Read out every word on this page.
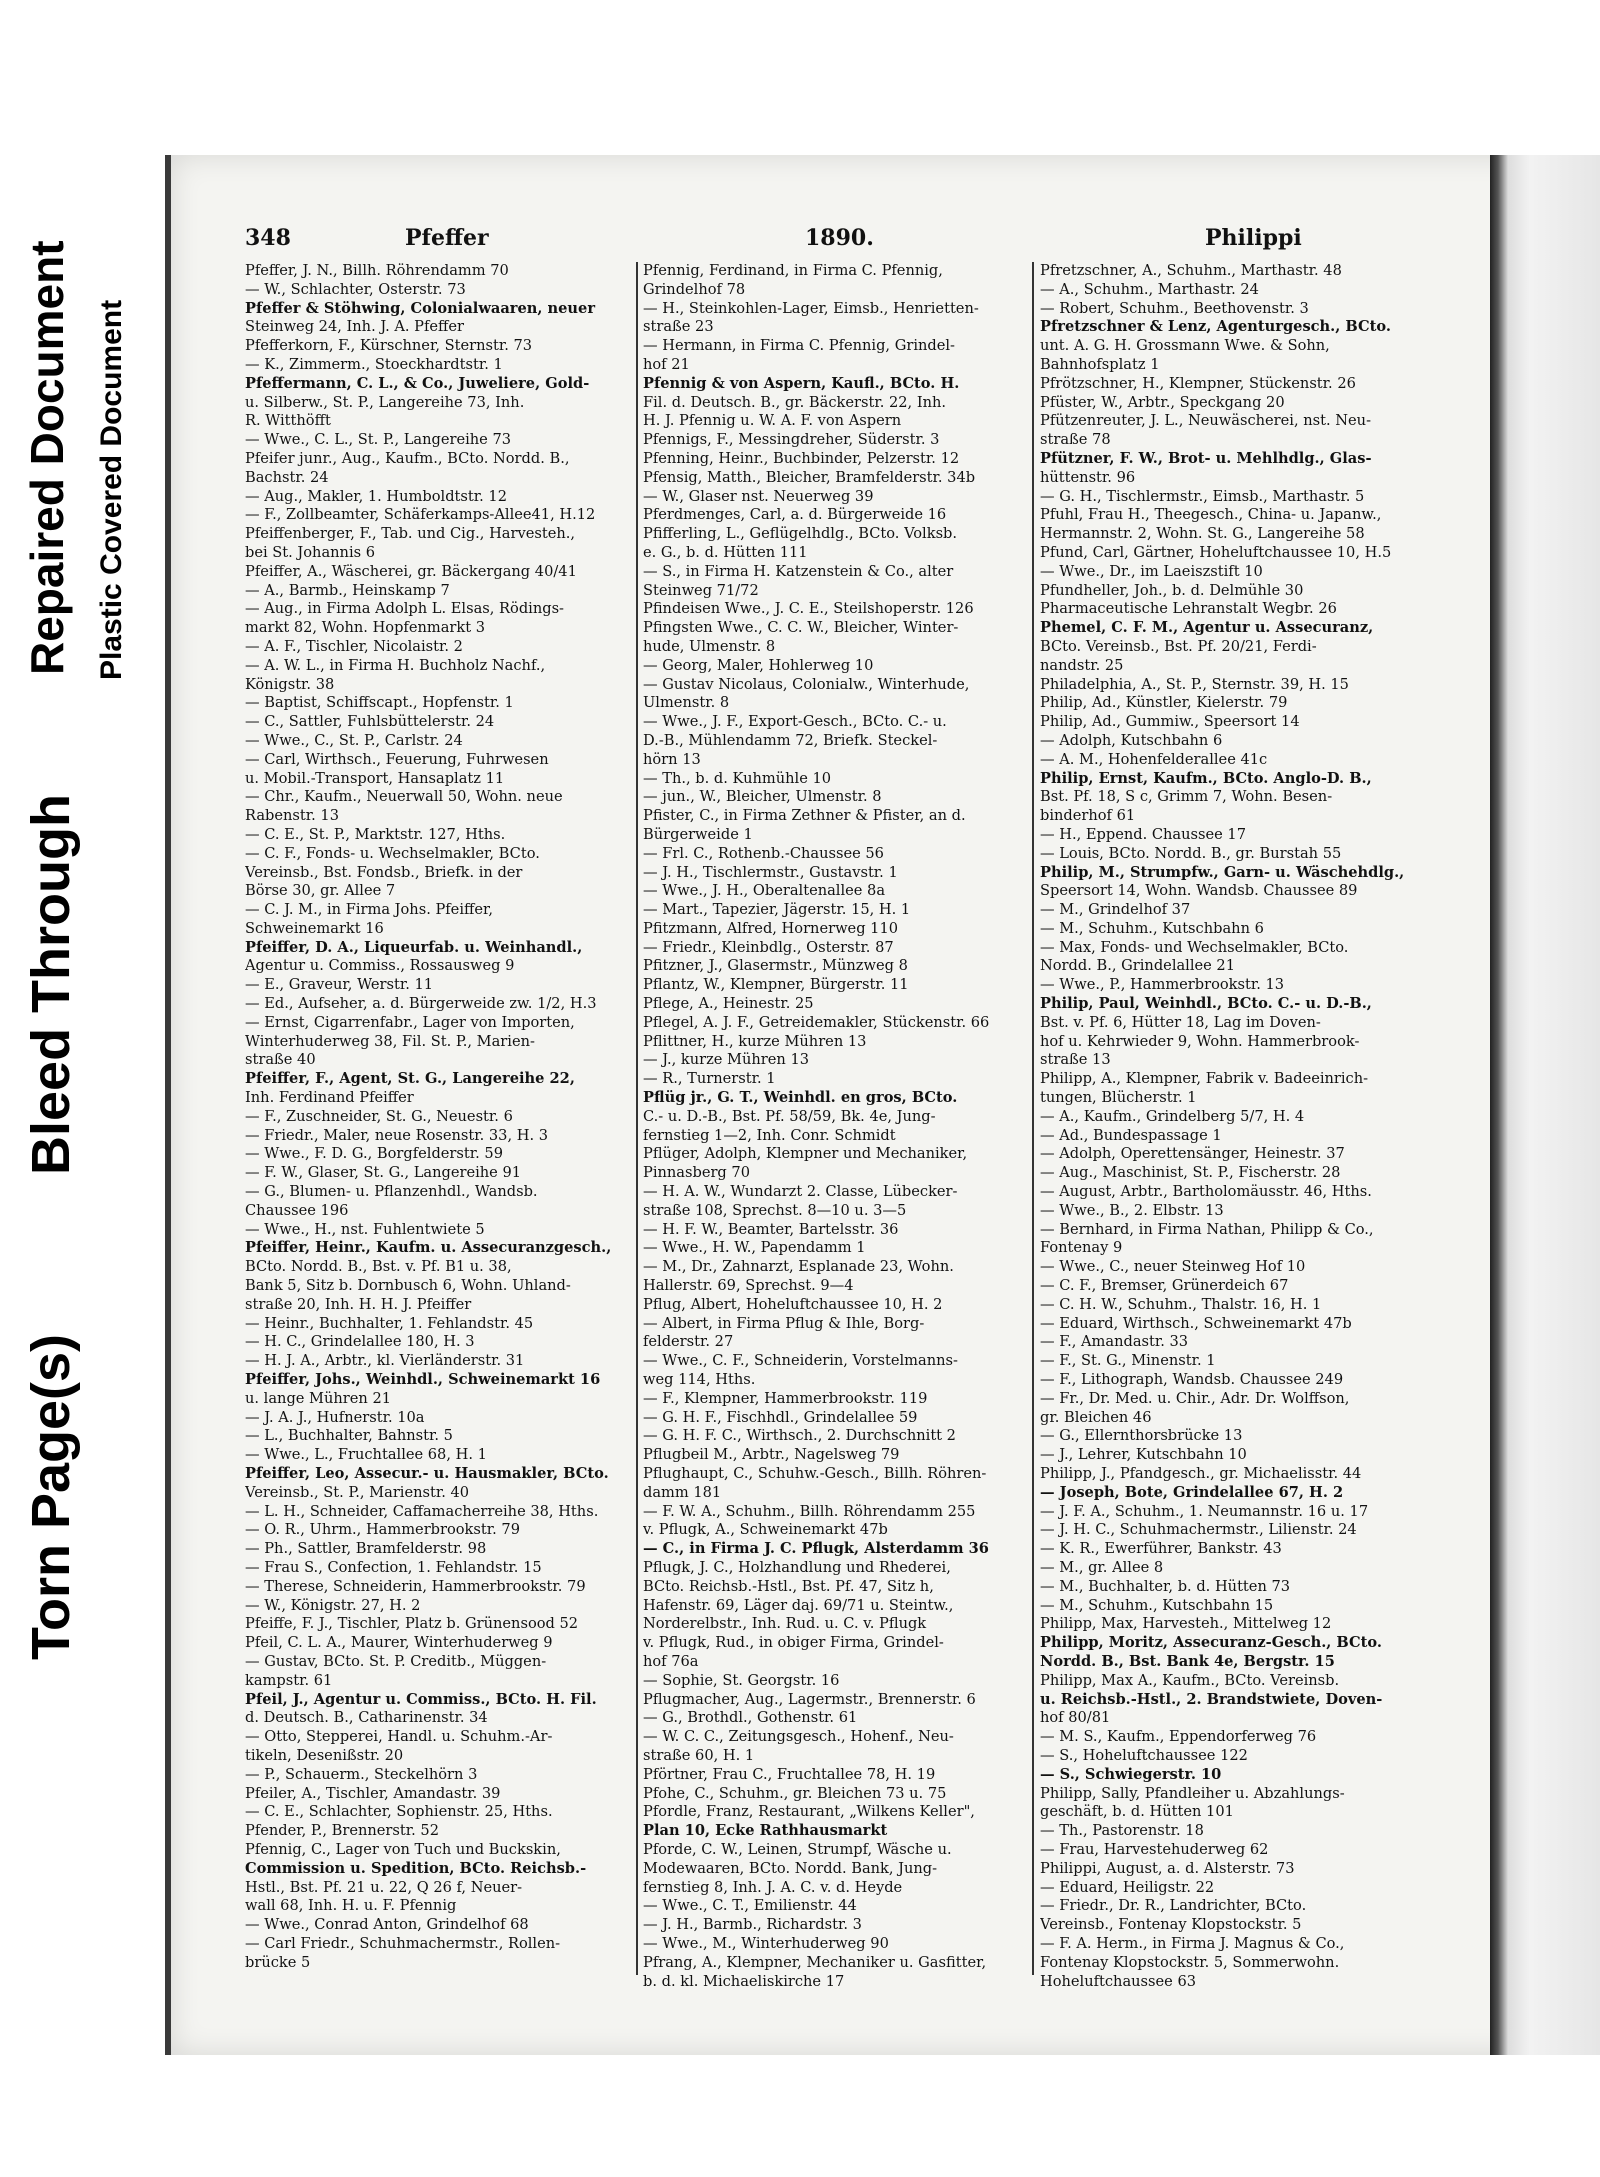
Torn Page(s)
Bleed Through
Repaired Document Plastic Covered Document
348	Pfeffer	1890.	Philippi
Pfeffer, J. N., Billh. Röhrendamm 70
— W., Schlachter, Osterstr. 73
Pfeffer & Stöhwing, Colonialwaaren, neuer
Steinweg 24, Inh. J. A. Pfeffer
Pfefferkorn, F., Kürschner, Sternstr. 73
— K., Zimmerm., Stoeckhardtstr. 1
Pfeffermann, C. L., & Co., Juweliere, Gold-
u. Silberw., St. P., Langereihe 73, Inh.
R. Witthöfft
— Wwe., C. L., St. P., Langereihe 73
Pfeifer junr., Aug., Kaufm., BCto. Nordd. B.,
Bachstr. 24
— Aug., Makler, 1. Humboldtstr. 12
— F., Zollbeamter, Schäferkamps-Allee41, H.12
Pfeiffenberger, F., Tab. und Cig., Harvesteh.,
bei St. Johannis 6
Pfeiffer, A., Wäscherei, gr. Bäckergang 40/41
— A., Barmb., Heinskamp 7
— Aug., in Firma Adolph L. Elsas, Rödings-
markt 82, Wohn. Hopfenmarkt 3
— A. F., Tischler, Nicolaistr. 2
— A. W. L., in Firma H. Buchholz Nachf.,
Königstr. 38
— Baptist, Schiffscapt., Hopfenstr. 1
— C., Sattler, Fuhlsbüttelerstr. 24
— Wwe., C., St. P., Carlstr. 24
— Carl, Wirthsch., Feuerung, Fuhrwesen
u. Mobil.-Transport, Hansaplatz 11
— Chr., Kaufm., Neuerwall 50, Wohn. neue
Rabenstr. 13
— C. E., St. P., Marktstr. 127, Hths.
— C. F., Fonds- u. Wechselmakler, BCto.
Vereinsb., Bst. Fondsb., Briefk. in der
Börse 30, gr. Allee 7
— C. J. M., in Firma Johs. Pfeiffer,
Schweinemarkt 16
Pfeiffer, D. A., Liqueurfab. u. Weinhandl.,
Agentur u. Commiss., Rossausweg 9
— E., Graveur, Werstr. 11
— Ed., Aufseher, a. d. Bürgerweide zw. 1/2, H.3
— Ernst, Cigarrenfabr., Lager von Importen,
Winterhuderweg 38, Fil. St. P., Marien-
straße 40
Pfeiffer, F., Agent, St. G., Langereihe 22,
Inh. Ferdinand Pfeiffer
— F., Zuschneider, St. G., Neuestr. 6
— Friedr., Maler, neue Rosenstr. 33, H. 3
— Wwe., F. D. G., Borgfelderstr. 59
— F. W., Glaser, St. G., Langereihe 91
— G., Blumen- u. Pflanzenhdl., Wandsb.
Chaussee 196
— Wwe., H., nst. Fuhlentwiete 5
Pfeiffer, Heinr., Kaufm. u. Assecuranzgesch.,
BCto. Nordd. B., Bst. v. Pf. B1 u. 38,
Bank 5, Sitz b. Dornbusch 6, Wohn. Uhland-
straße 20, Inh. H. H. J. Pfeiffer
— Heinr., Buchhalter, 1. Fehlandstr. 45
— H. C., Grindelallee 180, H. 3
— H. J. A., Arbtr., kl. Vierländerstr. 31
Pfeiffer, Johs., Weinhdl., Schweinemarkt 16
u. lange Mühren 21
— J. A. J., Hufnerstr. 10a
— L., Buchhalter, Bahnstr. 5
— Wwe., L., Fruchtallee 68, H. 1
Pfeiffer, Leo, Assecur.- u. Hausmakler, BCto.
Vereinsb., St. P., Marienstr. 40
— L. H., Schneider, Caffamacherreihe 38, Hths.
— O. R., Uhrm., Hammerbrookstr. 79
— Ph., Sattler, Bramfelderstr. 98
— Frau S., Confection, 1. Fehlandstr. 15
— Therese, Schneiderin, Hammerbrookstr. 79
— W., Königstr. 27, H. 2
Pfeiffe, F. J., Tischler, Platz b. Grünensood 52
Pfeil, C. L. A., Maurer, Winterhuderweg 9
— Gustav, BCto. St. P. Creditb., Müggen-
kampstr. 61
Pfeil, J., Agentur u. Commiss., BCto. H. Fil.
d. Deutsch. B., Catharinenstr. 34
— Otto, Stepperei, Handl. u. Schuhm.-Ar-
tikeln, Desenißstr. 20
— P., Schauerm., Steckelhörn 3
Pfeiler, A., Tischler, Amandastr. 39
— C. E., Schlachter, Sophienstr. 25, Hths.
Pfender, P., Brennerstr. 52
Pfennig, C., Lager von Tuch und Buckskin,
Commission u. Spedition, BCto. Reichsb.-
Hstl., Bst. Pf. 21 u. 22, Q 26 f, Neuer-
wall 68, Inh. H. u. F. Pfennig
— Wwe., Conrad Anton, Grindelhof 68
— Carl Friedr., Schuhmachermstr., Rollen-
brücke 5
Pfennig, Ferdinand, in Firma C. Pfennig,
Grindelhof 78
— H., Steinkohlen-Lager, Eimsb., Henrietten-
straße 23
— Hermann, in Firma C. Pfennig, Grindel-
hof 21
Pfennig & von Aspern, Kaufl., BCto. H.
Fil. d. Deutsch. B., gr. Bäckerstr. 22, Inh.
H. J. Pfennig u. W. A. F. von Aspern
Pfennigs, F., Messingdreher, Süderstr. 3
Pfenning, Heinr., Buchbinder, Pelzerstr. 12
Pfensig, Matth., Bleicher, Bramfelderstr. 34b
— W., Glaser nst. Neuerweg 39
Pferdmenges, Carl, a. d. Bürgerweide 16
Pfifferling, L., Geflügelhdlg., BCto. Volksb.
e. G., b. d. Hütten 111
— S., in Firma H. Katzenstein & Co., alter
Steinweg 71/72
Pfindeisen Wwe., J. C. E., Steilshoperstr. 126
Pfingsten Wwe., C. C. W., Bleicher, Winter-
hude, Ulmenstr. 8
— Georg, Maler, Hohlerweg 10
— Gustav Nicolaus, Colonialw., Winterhude,
Ulmenstr. 8
— Wwe., J. F., Export-Gesch., BCto. C.- u.
D.-B., Mühlendamm 72, Briefk. Steckel-
hörn 13
— Th., b. d. Kuhmühle 10
— jun., W., Bleicher, Ulmenstr. 8
Pfister, C., in Firma Zethner & Pfister, an d.
Bürgerweide 1
— Frl. C., Rothenb.-Chaussee 56
— J. H., Tischlermstr., Gustavstr. 1
— Wwe., J. H., Oberaltenallee 8a
— Mart., Tapezier, Jägerstr. 15, H. 1
Pfitzmann, Alfred, Hornerweg 110
— Friedr., Kleinbdlg., Osterstr. 87
Pfitzner, J., Glasermstr., Münzweg 8
Pflantz, W., Klempner, Bürgerstr. 11
Pflege, A., Heinestr. 25
Pflegel, A. J. F., Getreidemakler, Stückenstr. 66
Pflittner, H., kurze Mühren 13
— J., kurze Mühren 13
— R., Turnerstr. 1
Pflüg jr., G. T., Weinhdl. en gros, BCto.
C.- u. D.-B., Bst. Pf. 58/59, Bk. 4e, Jung-
fernstieg 1—2, Inh. Conr. Schmidt
Pflüger, Adolph, Klempner und Mechaniker,
Pinnasberg 70
— H. A. W., Wundarzt 2. Classe, Lübecker-
straße 108, Sprechst. 8—10 u. 3—5
— H. F. W., Beamter, Bartelsstr. 36
— Wwe., H. W., Papendamm 1
— M., Dr., Zahnarzt, Esplanade 23, Wohn.
Hallerstr. 69, Sprechst. 9—4
Pflug, Albert, Hoheluftchaussee 10, H. 2
— Albert, in Firma Pflug & Ihle, Borg-
felderstr. 27
— Wwe., C. F., Schneiderin, Vorstelmanns-
weg 114, Hths.
— F., Klempner, Hammerbrookstr. 119
— G. H. F., Fischhdl., Grindelallee 59
— G. H. F. C., Wirthsch., 2. Durchschnitt 2
Pflugbeil M., Arbtr., Nagelsweg 79
Pflughaupt, C., Schuhw.-Gesch., Billh. Röhren-
damm 181
— F. W. A., Schuhm., Billh. Röhrendamm 255
v. Pflugk, A., Schweinemarkt 47b
— C., in Firma J. C. Pflugk, Alsterdamm 36
Pflugk, J. C., Holzhandlung und Rhederei,
BCto. Reichsb.-Hstl., Bst. Pf. 47, Sitz h,
Hafenstr. 69, Läger daj. 69/71 u. Steintw.,
Norderelbstr., Inh. Rud. u. C. v. Pflugk
v. Pflugk, Rud., in obiger Firma, Grindel-
hof 76a
— Sophie, St. Georgstr. 16
Pflugmacher, Aug., Lagermstr., Brennerstr. 6
— G., Brothdl., Gothenstr. 61
— W. C. C., Zeitungsgesch., Hohenf., Neu-
straße 60, H. 1
Pförtner, Frau C., Fruchtallee 78, H. 19
Pfohe, C., Schuhm., gr. Bleichen 73 u. 75
Pfordle, Franz, Restaurant, „Wilkens Keller",
Plan 10, Ecke Rathhausmarkt
Pforde, C. W., Leinen, Strumpf, Wäsche u.
Modewaaren, BCto. Nordd. Bank, Jung-
fernstieg 8, Inh. J. A. C. v. d. Heyde
— Wwe., C. T., Emilienstr. 44
— J. H., Barmb., Richardstr. 3
— Wwe., M., Winterhuderweg 90
Pfrang, A., Klempner, Mechaniker u. Gasfitter,
b. d. kl. Michaeliskirche 17
Pfretzschner, A., Schuhm., Marthastr. 48
— A., Schuhm., Marthastr. 24
— Robert, Schuhm., Beethovenstr. 3
Pfretzschner & Lenz, Agenturgesch., BCto.
unt. A. G. H. Grossmann Wwe. & Sohn,
Bahnhofsplatz 1
Pfrötzschner, H., Klempner, Stückenstr. 26
Pfüster, W., Arbtr., Speckgang 20
Pfützenreuter, J. L., Neuwäscherei, nst. Neu-
straße 78
Pfützner, F. W., Brot- u. Mehlhdlg., Glas-
hüttenstr. 96
— G. H., Tischlermstr., Eimsb., Marthastr. 5
Pfuhl, Frau H., Theegesch., China- u. Japanw.,
Hermannstr. 2, Wohn. St. G., Langereihe 58
Pfund, Carl, Gärtner, Hoheluftchaussee 10, H.5
— Wwe., Dr., im Laeiszstift 10
Pfundheller, Joh., b. d. Delmühle 30
Pharmaceutische Lehranstalt Wegbr. 26
Phemel, C. F. M., Agentur u. Assecuranz,
BCto. Vereinsb., Bst. Pf. 20/21, Ferdi-
nandstr. 25
Philadelphia, A., St. P., Sternstr. 39, H. 15
Philip, Ad., Künstler, Kielerstr. 79
Philip, Ad., Gummiw., Speersort 14
— Adolph, Kutschbahn 6
— A. M., Hohenfelderallee 41c
Philip, Ernst, Kaufm., BCto. Anglo-D. B.,
Bst. Pf. 18, S c, Grimm 7, Wohn. Besen-
binderhof 61
— H., Eppend. Chaussee 17
— Louis, BCto. Nordd. B., gr. Burstah 55
Philip, M., Strumpfw., Garn- u. Wäschehdlg.,
Speersort 14, Wohn. Wandsb. Chaussee 89
— M., Grindelhof 37
— M., Schuhm., Kutschbahn 6
— Max, Fonds- und Wechselmakler, BCto.
Nordd. B., Grindelallee 21
— Wwe., P., Hammerbrookstr. 13
Philip, Paul, Weinhdl., BCto. C.- u. D.-B.,
Bst. v. Pf. 6, Hütter 18, Lag im Doven-
hof u. Kehrwieder 9, Wohn. Hammerbrook-
straße 13
Philipp, A., Klempner, Fabrik v. Badeeinrich-
tungen, Blücherstr. 1
— A., Kaufm., Grindelberg 5/7, H. 4
— Ad., Bundespassage 1
— Adolph, Operettensänger, Heinestr. 37
— Aug., Maschinist, St. P., Fischerstr. 28
— August, Arbtr., Bartholomäusstr. 46, Hths.
— Wwe., B., 2. Elbstr. 13
— Bernhard, in Firma Nathan, Philipp & Co.,
Fontenay 9
— Wwe., C., neuer Steinweg Hof 10
— C. F., Bremser, Grünerdeich 67
— C. H. W., Schuhm., Thalstr. 16, H. 1
— Eduard, Wirthsch., Schweinemarkt 47b
— F., Amandastr. 33
— F., St. G., Minenstr. 1
— F., Lithograph, Wandsb. Chaussee 249
— Fr., Dr. Med. u. Chir., Adr. Dr. Wolffson,
gr. Bleichen 46
— G., Ellernthorsbrücke 13
— J., Lehrer, Kutschbahn 10
Philipp, J., Pfandgesch., gr. Michaelisstr. 44
— Joseph, Bote, Grindelallee 67, H. 2
— J. F. A., Schuhm., 1. Neumannstr. 16 u. 17
— J. H. C., Schuhmachermstr., Lilienstr. 24
— K. R., Ewerführer, Bankstr. 43
— M., gr. Allee 8
— M., Buchhalter, b. d. Hütten 73
— M., Schuhm., Kutschbahn 15
Philipp, Max, Harvesteh., Mittelweg 12
Philipp, Moritz, Assecuranz-Gesch., BCto.
Nordd. B., Bst. Bank 4e, Bergstr. 15
Philipp, Max A., Kaufm., BCto. Vereinsb.
u. Reichsb.-Hstl., 2. Brandstwiete, Doven-
hof 80/81
— M. S., Kaufm., Eppendorferweg 76
— S., Hoheluftchaussee 122
— S., Schwiegerstr. 10
Philipp, Sally, Pfandleiher u. Abzahlungs-
geschäft, b. d. Hütten 101
— Th., Pastorenstr. 18
— Frau, Harvestehuderweg 62
Philippi, August, a. d. Alsterstr. 73
— Eduard, Heiligstr. 22
— Friedr., Dr. R., Landrichter, BCto.
Vereinsb., Fontenay Klopstockstr. 5
— F. A. Herm., in Firma J. Magnus & Co.,
Fontenay Klopstockstr. 5, Sommerwohn.
Hoheluftchaussee 63
